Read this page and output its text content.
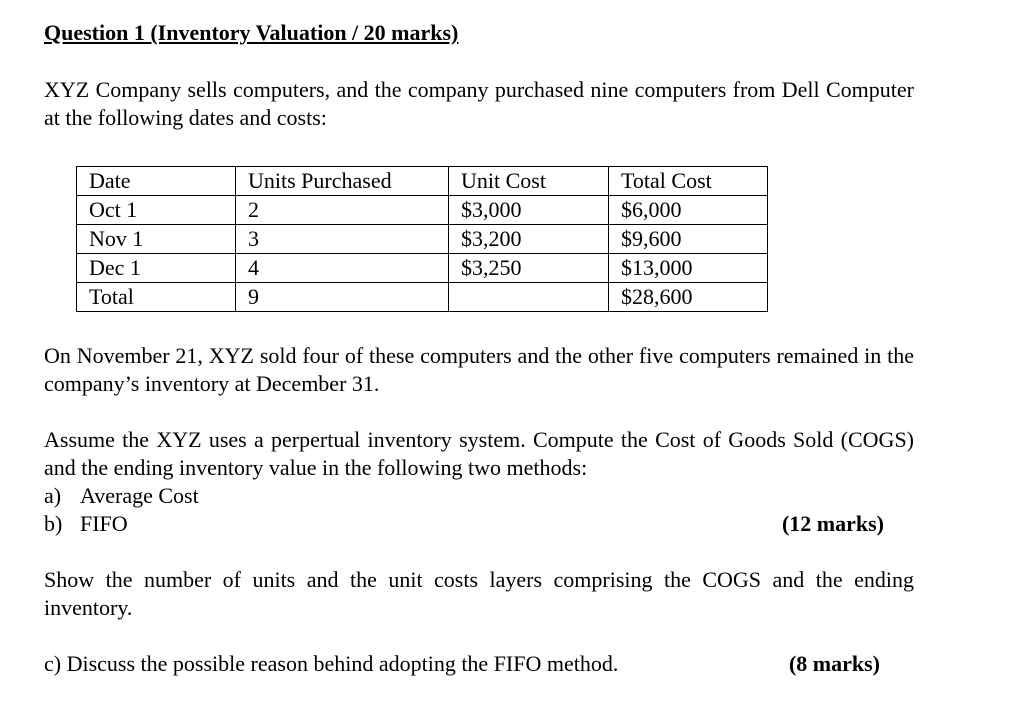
Question 1 (Inventory Valuation / 20 marks)

XYZ Company sells computers, and the company purchased nine computers from Dell Computer at the following dates and costs:

Date	Units Purchased	Unit Cost	Total Cost
Oct 1	2	$3,000	$6,000
Nov 1	3	$3,200	$9,600
Dec 1	4	$3,250	$13,000
Total	9		$28,600

On November 21, XYZ sold four of these computers and the other five computers remained in the company’s inventory at December 31.

Assume the XYZ uses a perpertual inventory system. Compute the Cost of Goods Sold (COGS) and the ending inventory value in the following two methods:

a) Average Cost
b) FIFO	(12 marks)

Show the number of units and the unit costs layers comprising the COGS and the ending inventory.

c) Discuss the possible reason behind adopting the FIFO method.	(8 marks)
